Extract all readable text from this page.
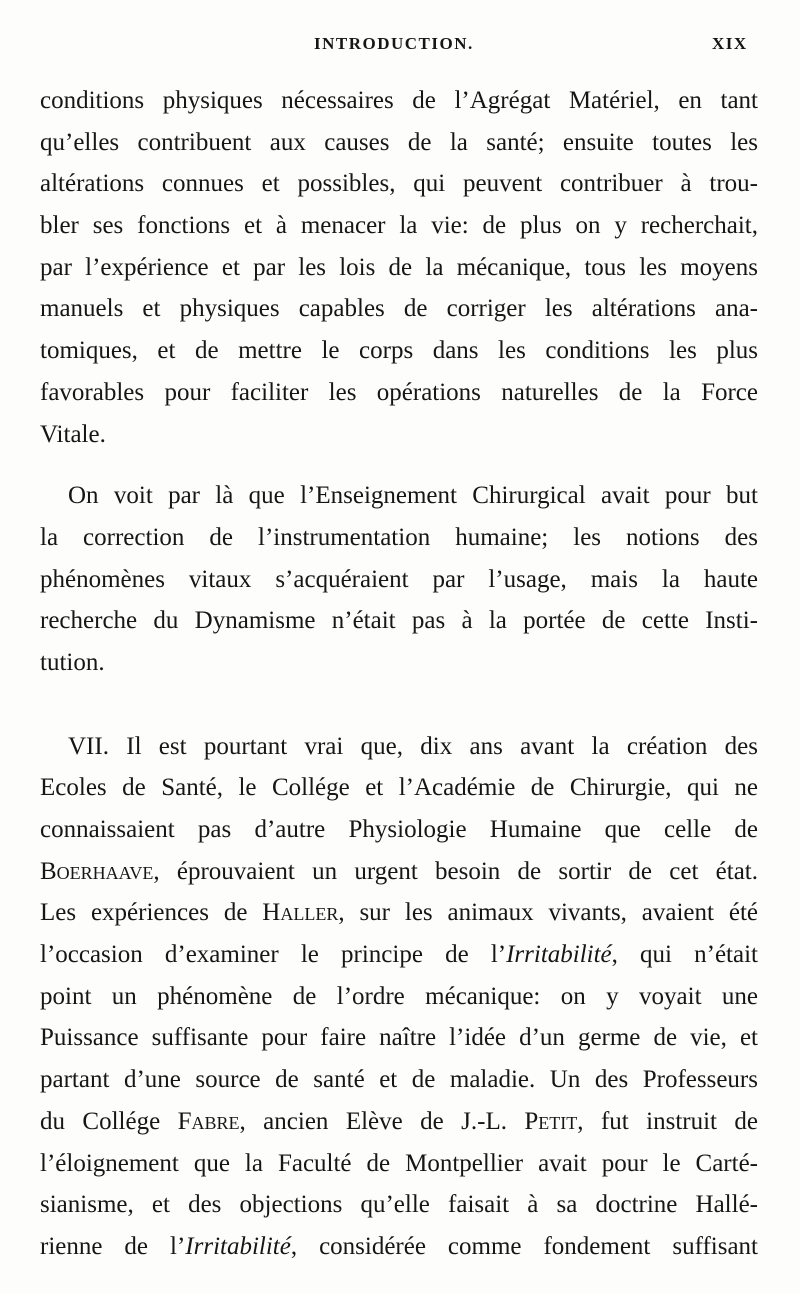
INTRODUCTION.	XIX
conditions physiques nécessaires de l’Agrégat Matériel, en tant
qu’elles contribuent aux causes de la santé; ensuite toutes les
altérations connues et possibles, qui peuvent contribuer à trou-
bler ses fonctions et à menacer la vie: de plus on y recherchait,
par l’expérience et par les lois de la mécanique, tous les moyens
manuels et physiques capables de corriger les altérations ana-
tomiques, et de mettre le corps dans les conditions les plus
favorables pour faciliter les opérations naturelles de la Force
Vitale.
On voit par là que l’Enseignement Chirurgical avait pour but
la correction de l’instrumentation humaine; les notions des
phénomènes vitaux s’acquéraient par l’usage, mais la haute
recherche du Dynamisme n’était pas à la portée de cette Insti-
tution.
VII. Il est pourtant vrai que, dix ans avant la création des
Ecoles de Santé, le Collége et l’Académie de Chirurgie, qui ne
connaissaient pas d’autre Physiologie Humaine que celle de
Boerhaave, éprouvaient un urgent besoin de sortir de cet état.
Les expériences de Haller, sur les animaux vivants, avaient été
l’occasion d’examiner le principe de l’Irritabilité, qui n’était
point un phénomène de l’ordre mécanique: on y voyait une
Puissance suffisante pour faire naître l’idée d’un germe de vie, et
partant d’une source de santé et de maladie. Un des Professeurs
du Collége Fabre, ancien Elève de J.-L. Petit, fut instruit de
l’éloignement que la Faculté de Montpellier avait pour le Carté-
sianisme, et des objections qu’elle faisait à sa doctrine Hallé-
rienne de l’Irritabilité, considérée comme fondement suffisant
